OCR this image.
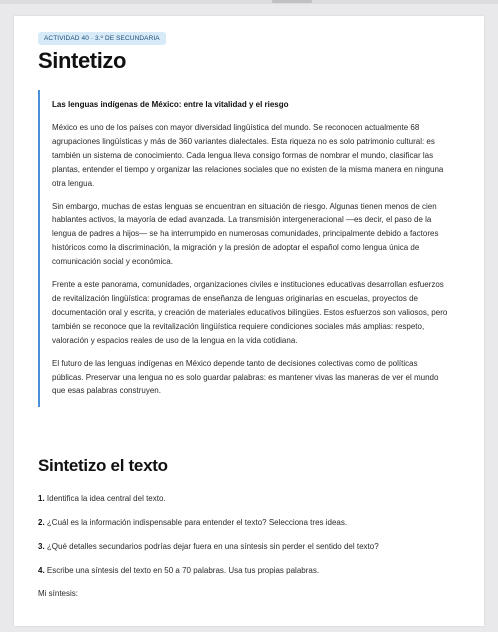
ACTIVIDAD 40 · 3.º DE SECUNDARIA
Sintetizo
Las lenguas indígenas de México: entre la vitalidad y el riesgo

México es uno de los países con mayor diversidad lingüística del mundo. Se reconocen actualmente 68 agrupaciones lingüísticas y más de 360 variantes dialectales. Esta riqueza no es solo patrimonio cultural: es también un sistema de conocimiento. Cada lengua lleva consigo formas de nombrar el mundo, clasificar las plantas, entender el tiempo y organizar las relaciones sociales que no existen de la misma manera en ninguna otra lengua.

Sin embargo, muchas de estas lenguas se encuentran en situación de riesgo. Algunas tienen menos de cien hablantes activos, la mayoría de edad avanzada. La transmisión intergeneracional —es decir, el paso de la lengua de padres a hijos— se ha interrumpido en numerosas comunidades, principalmente debido a factores históricos como la discriminación, la migración y la presión de adoptar el español como lengua única de comunicación social y económica.

Frente a este panorama, comunidades, organizaciones civiles e instituciones educativas desarrollan esfuerzos de revitalización lingüística: programas de enseñanza de lenguas originarias en escuelas, proyectos de documentación oral y escrita, y creación de materiales educativos bilingües. Estos esfuerzos son valiosos, pero también se reconoce que la revitalización lingüística requiere condiciones sociales más amplias: respeto, valoración y espacios reales de uso de la lengua en la vida cotidiana.

El futuro de las lenguas indígenas en México depende tanto de decisiones colectivas como de políticas públicas. Preservar una lengua no es solo guardar palabras: es mantener vivas las maneras de ver el mundo que esas palabras construyen.

Sintetizo el texto
1. Identifica la idea central del texto.
2. ¿Cuál es la información indispensable para entender el texto? Selecciona tres ideas.
3. ¿Qué detalles secundarios podrías dejar fuera en una síntesis sin perder el sentido del texto?
4. Escribe una síntesis del texto en 50 a 70 palabras. Usa tus propias palabras.
Mi síntesis:
